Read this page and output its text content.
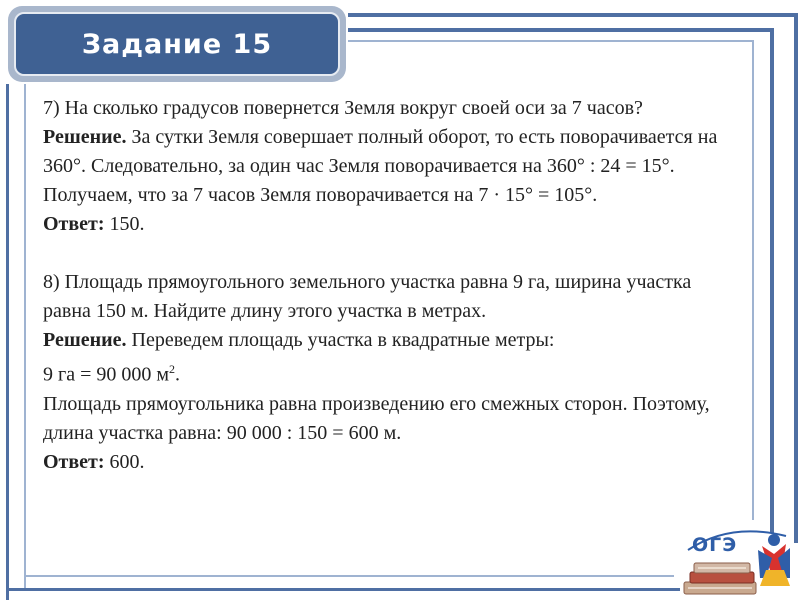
Задание 15

7) На сколько градусов повернется Земля вокруг своей оси за 7 часов?

Решение. За сутки Земля совершает полный оборот, то есть поворачивается на 360°. Следовательно, за один час Земля поворачивается на 360° : 24 = 15°. Получаем, что за 7 часов Земля поворачивается на 7 · 15° = 105°.

Ответ: 150.

8) Площадь прямоугольного земельного участка равна 9 га, ширина участка равна 150 м. Найдите длину этого участка в метрах.

Решение. Переведем площадь участка в квадратные метры:

9 га = 90 000 $м^2$.

Площадь прямоугольника равна произведению его смежных сторон. Поэтому, длина участка равна: 90 000 : 150 = 600 м.

Ответ: 600.

ОГЭ
